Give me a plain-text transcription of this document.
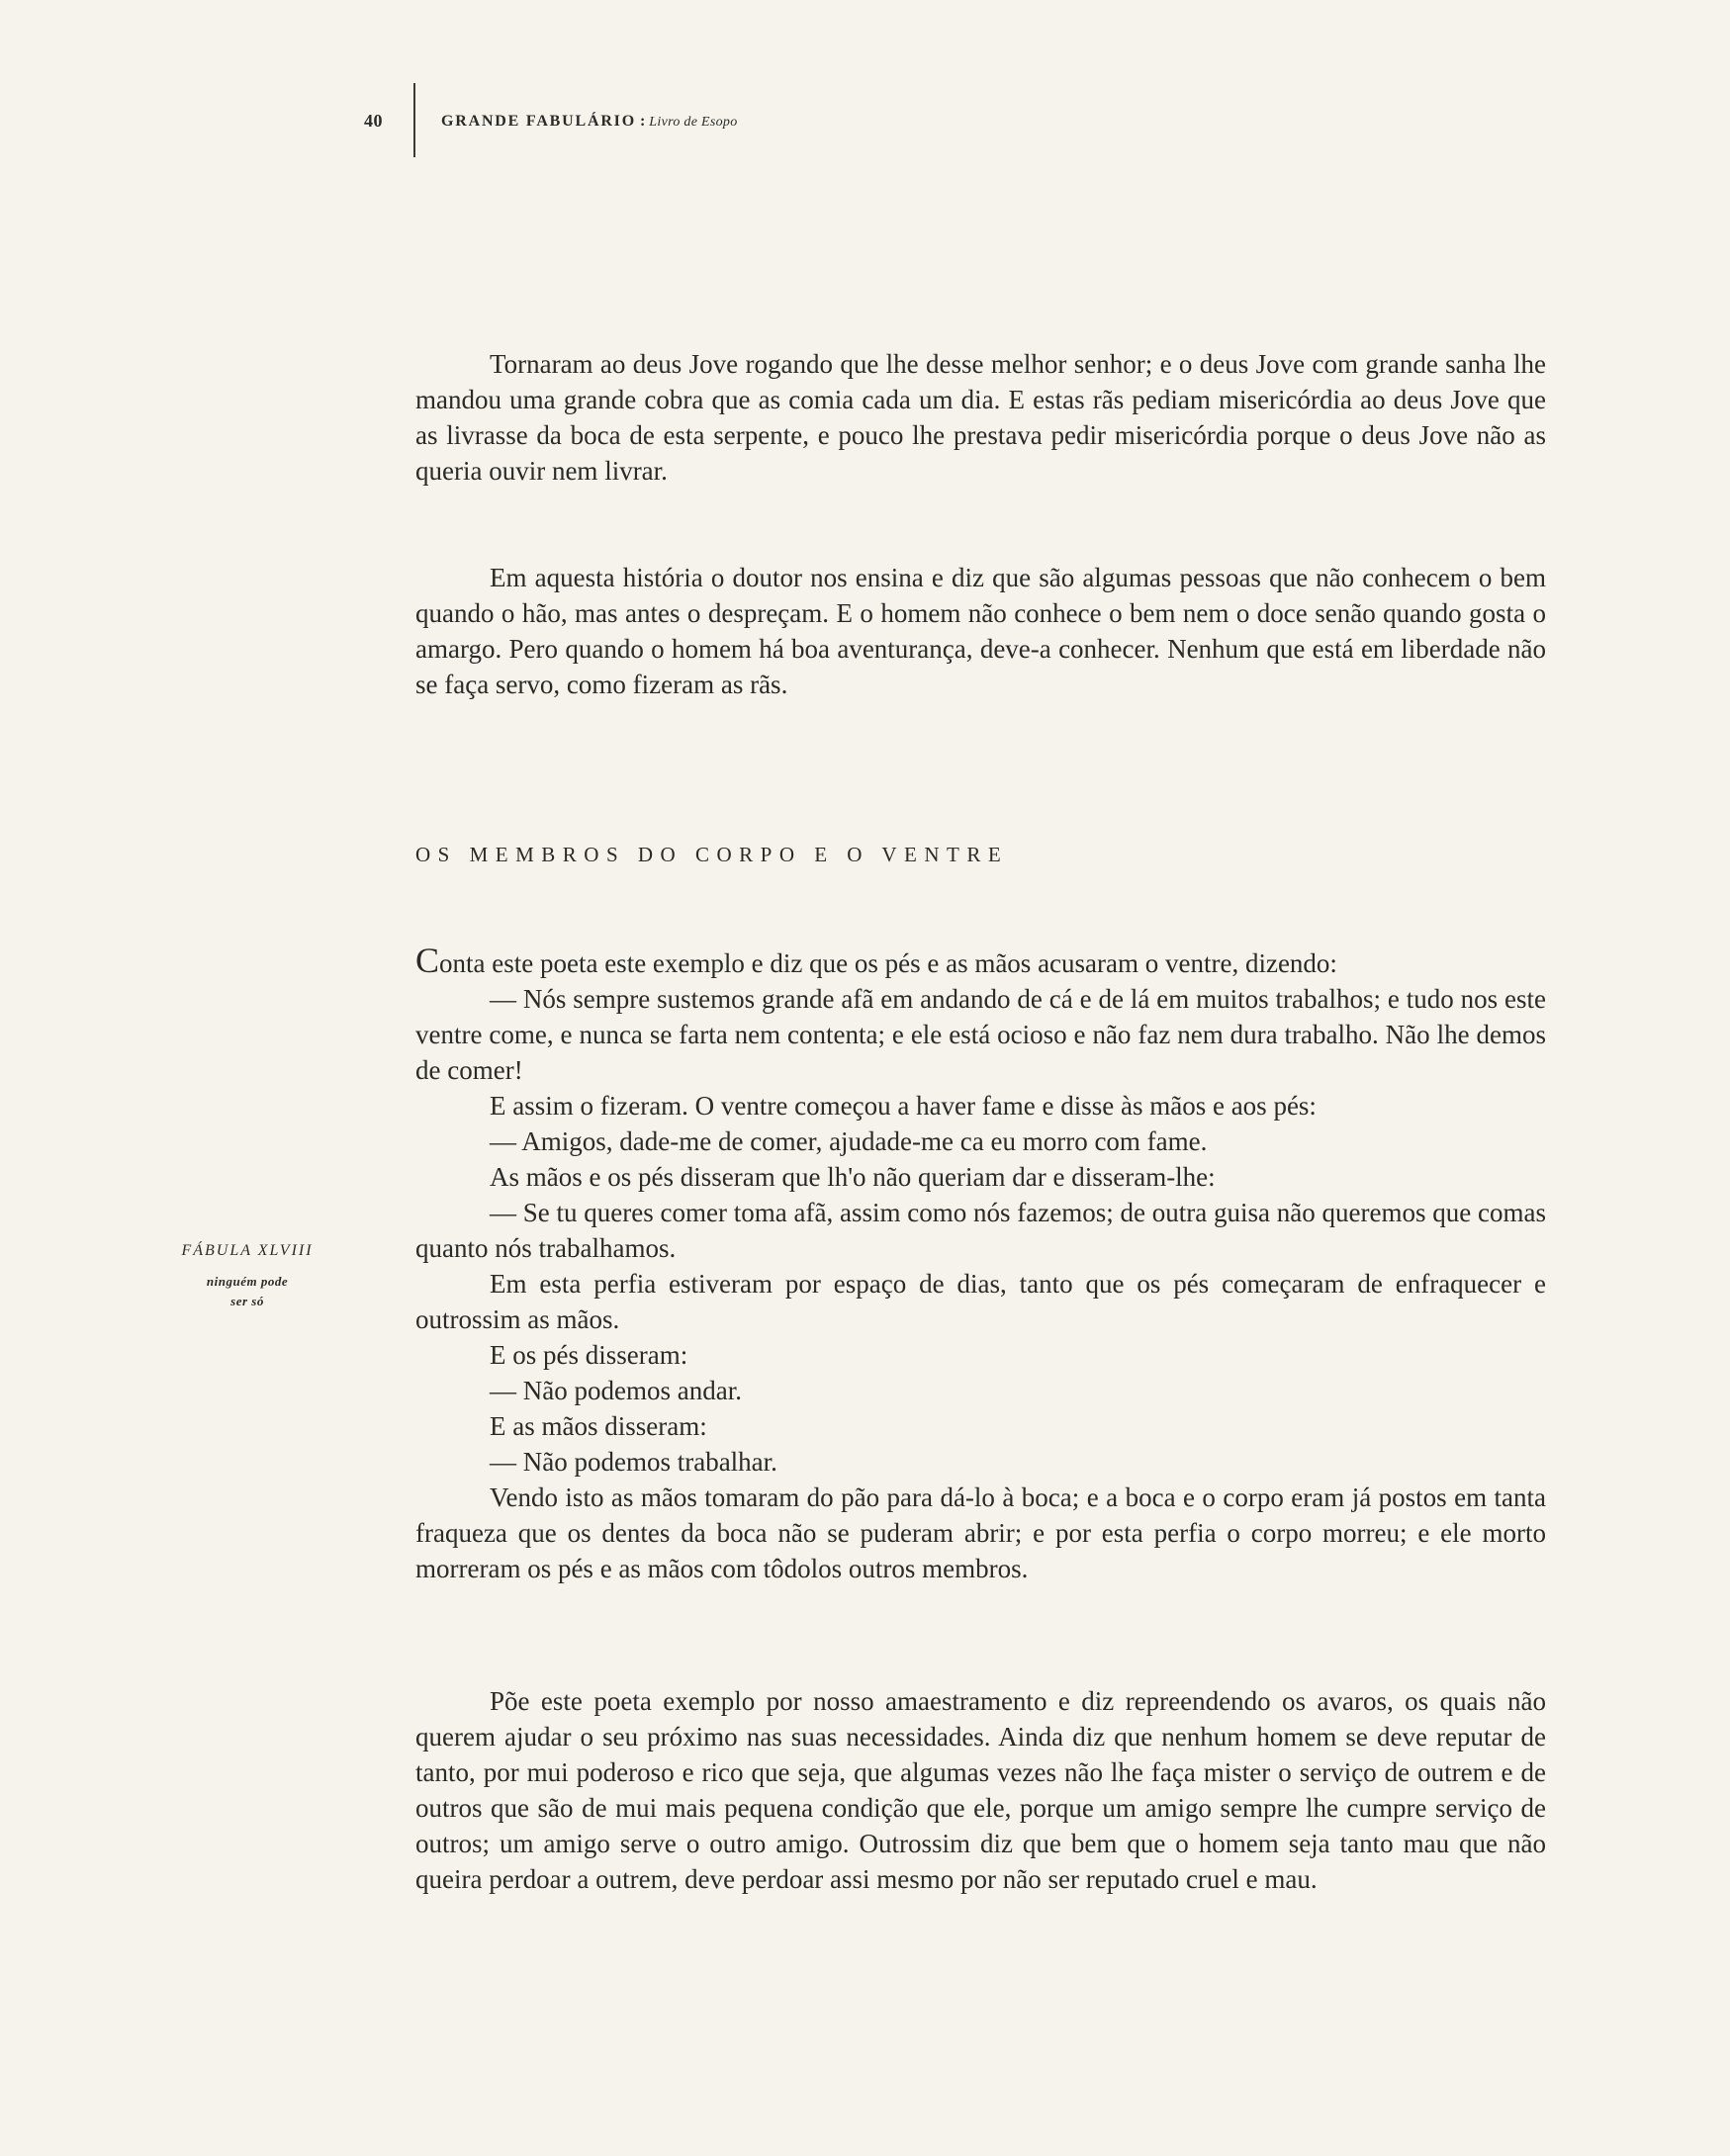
40	GRANDE FABULÁRIO : Livro de Esopo

Tornaram ao deus Jove rogando que lhe desse melhor senhor; e o deus Jove com grande sanha lhe mandou uma grande cobra que as comia cada um dia. E estas rãs pediam misericórdia ao deus Jove que as livrasse da boca de esta serpente, e pouco lhe prestava pedir misericórdia porque o deus Jove não as queria ouvir nem livrar.

Em aquesta história o doutor nos ensina e diz que são algumas pessoas que não conhecem o bem quando o hão, mas antes o despreçam. E o homem não conhece o bem nem o doce senão quando gosta o amargo. Pero quando o homem há boa aventurança, deve-a conhecer. Nenhum que está em liberdade não se faça servo, como fizeram as rãs.

OS MEMBROS DO CORPO E O VENTRE
FÁBULA XLVIII
ninguém pode
ser só

Conta este poeta este exemplo e diz que os pés e as mãos acusaram o ventre, dizendo:

— Nós sempre sustemos grande afã em andando de cá e de lá em muitos trabalhos; e tudo nos este ventre come, e nunca se farta nem contenta; e ele está ocioso e não faz nem dura trabalho. Não lhe demos de comer!

E assim o fizeram. O ventre começou a haver fame e disse às mãos e aos pés:

— Amigos, dade-me de comer, ajudade-me ca eu morro com fame.

As mãos e os pés disseram que lh'o não queriam dar e disseram-lhe:

— Se tu queres comer toma afã, assim como nós fazemos; de outra guisa não queremos que comas quanto nós trabalhamos.

Em esta perfia estiveram por espaço de dias, tanto que os pés começaram de enfraquecer e outrossim as mãos.

E os pés disseram:

— Não podemos andar.

E as mãos disseram:

— Não podemos trabalhar.

Vendo isto as mãos tomaram do pão para dá-lo à boca; e a boca e o corpo eram já postos em tanta fraqueza que os dentes da boca não se puderam abrir; e por esta perfia o corpo morreu; e ele morto morreram os pés e as mãos com tôdolos outros membros.

Põe este poeta exemplo por nosso amaestramento e diz repreendendo os avaros, os quais não querem ajudar o seu próximo nas suas necessidades. Ainda diz que nenhum homem se deve reputar de tanto, por mui poderoso e rico que seja, que algumas vezes não lhe faça mister o serviço de outrem e de outros que são de mui mais pequena condição que ele, porque um amigo sempre lhe cumpre serviço de outros; um amigo serve o outro amigo. Outrossim diz que bem que o homem seja tanto mau que não queira perdoar a outrem, deve perdoar assi mesmo por não ser reputado cruel e mau.
